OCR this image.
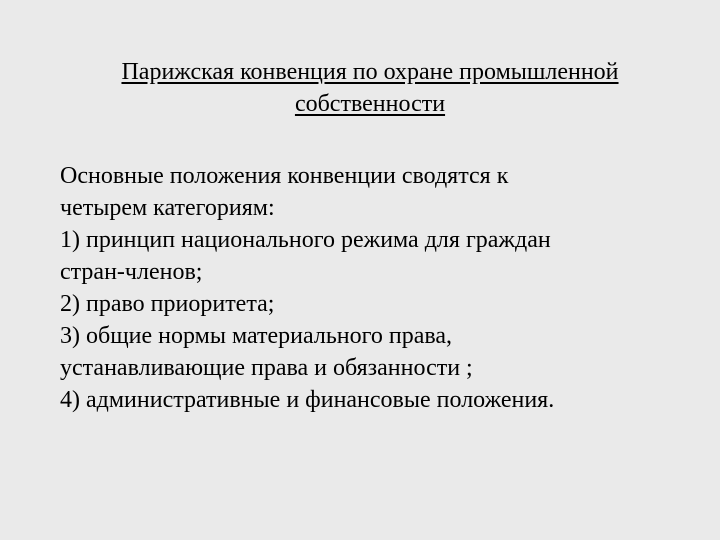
Парижская конвенция по охране промышленной
собственности
Основные положения конвенции сводятся к
четырем категориям:
1) принцип национального режима для граждан
стран-членов;
2) право приоритета;
3) общие нормы материального права,
устанавливающие права и обязанности ;
4) административные и финансовые положения.
